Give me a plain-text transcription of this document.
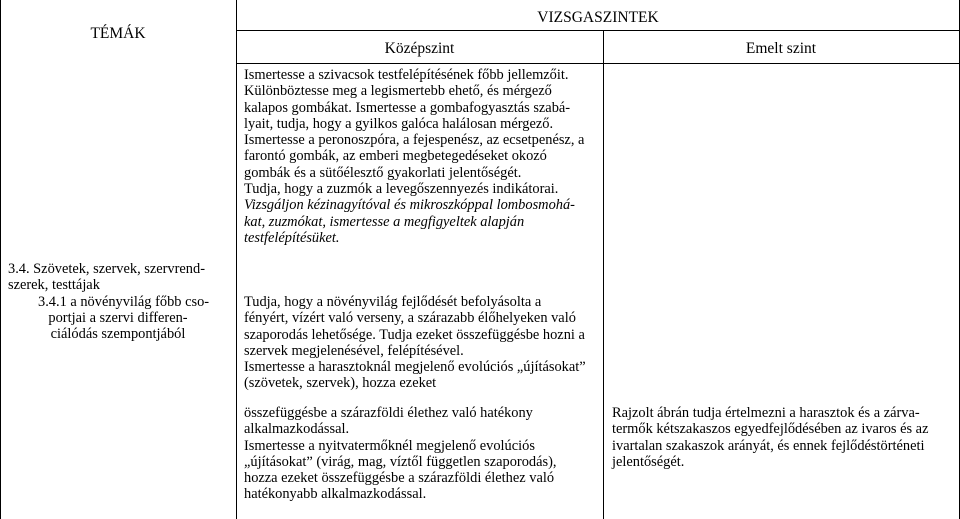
TÉMÁK
VIZSGASZINTEK
Középszint	Emelt szint

3.4. Szövetek, szervek, szervrend-

szerek, testtájak

3.4.1 a növényvilág főbb cso-

portjai a szervi differen-

ciálódás szempontjából

Ismertesse a szivacsok testfelépítésének főbb jellemzőit.

Különböztesse meg a legismertebb ehető, és mérgező

kalapos gombákat. Ismertesse a gombafogyasztás szabá-

lyait, tudja, hogy a gyilkos galóca halálosan mérgező.

Ismertesse a peronoszpóra, a fejespenész, az ecsetpenész, a

farontó gombák, az emberi megbetegedéseket okozó

gombák és a sütőélesztő gyakorlati jelentőségét.

Tudja, hogy a zuzmók a levegőszennyezés indikátorai.

Vizsgáljon kézinagyítóval és mikroszkóppal lombosmohá-

kat, zuzmókat, ismertesse a megfigyeltek alapján

testfelépítésüket.

Tudja, hogy a növényvilág fejlődését befolyásolta a

fényért, vízért való verseny, a szárazabb élőhelyeken való

szaporodás lehetősége. Tudja ezeket összefüggésbe hozni a

szervek megjelenésével, felépítésével.

Ismertesse a harasztoknál megjelenő evolúciós „újításokat”

(szövetek, szervek), hozza ezeket

összefüggésbe a szárazföldi élethez való hatékony

alkalmazkodással.

Ismertesse a nyitvatermőknél megjelenő evolúciós

„újításokat” (virág, mag, víztől független szaporodás),

hozza ezeket összefüggésbe a szárazföldi élethez való

hatékonyabb alkalmazkodással.

Rajzolt ábrán tudja értelmezni a harasztok és a zárva-

termők kétszakaszos egyedfejlődésében az ivaros és az

ivartalan szakaszok arányát, és ennek fejlődéstörténeti

jelentőségét.
